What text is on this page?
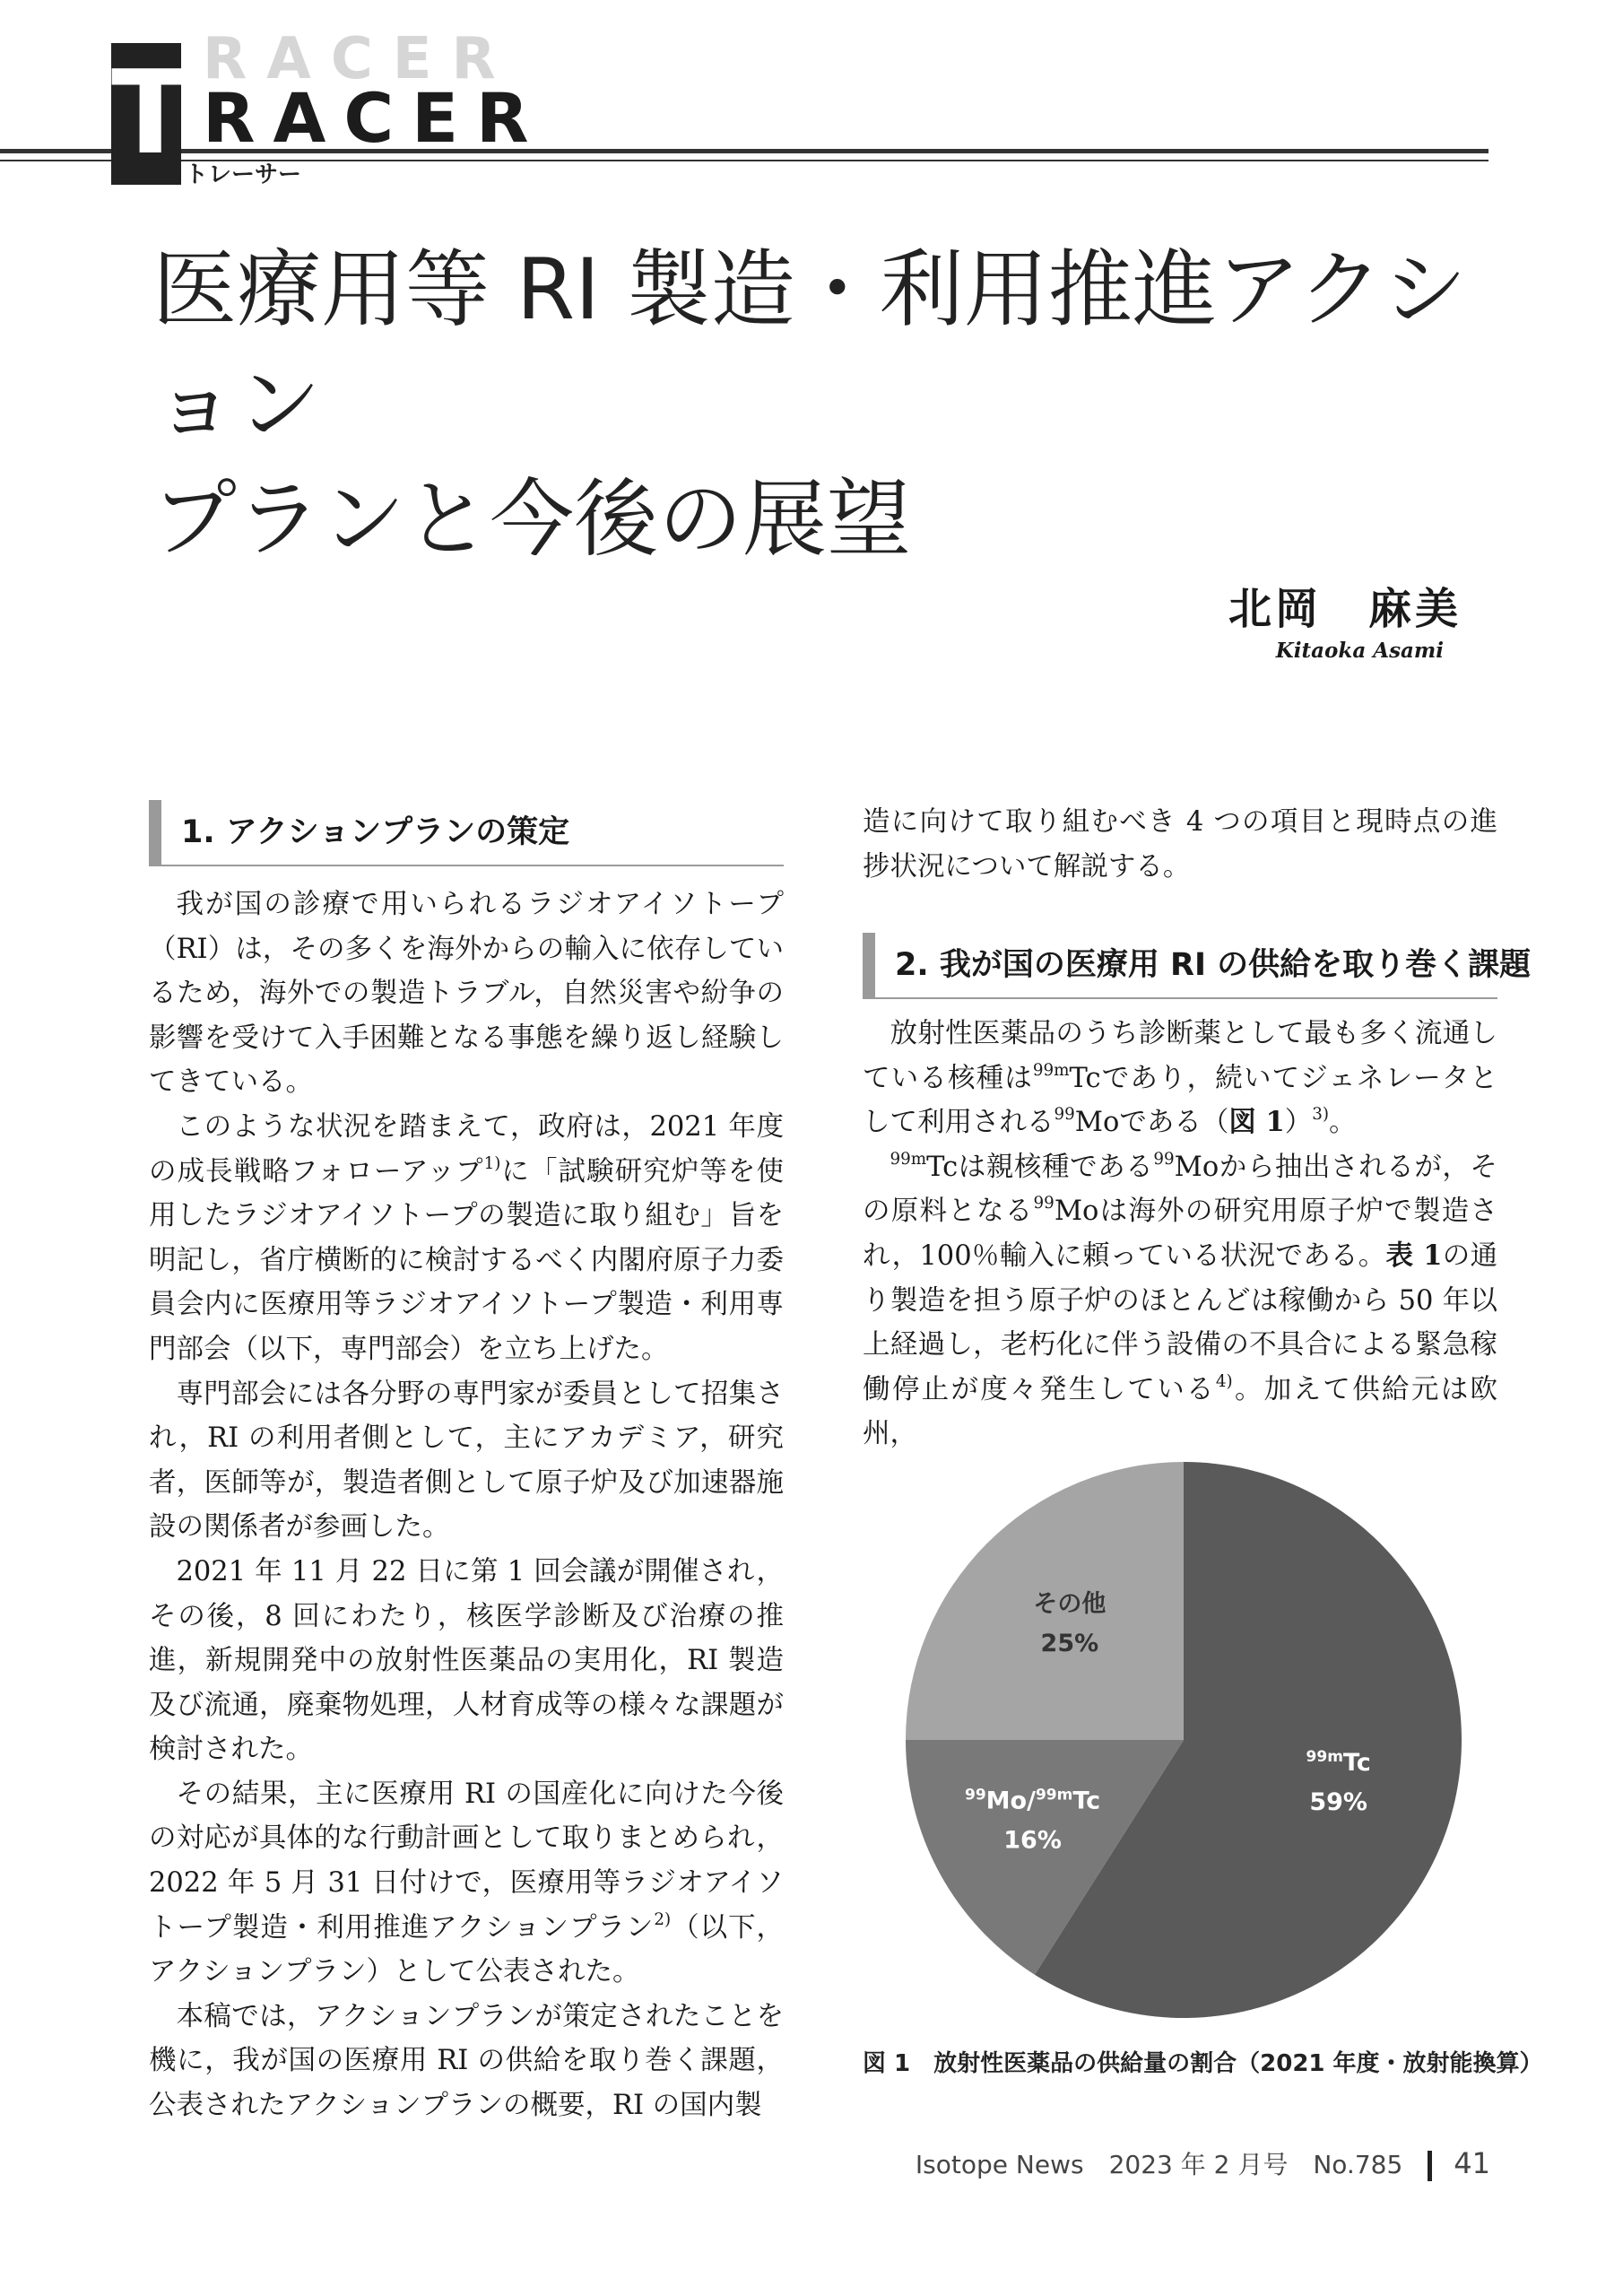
RACER
T RACER
トレーサー
医療用等 RI 製造・利用推進アクション
プランと今後の展望
北岡　麻美
Kitaoka Asami
1. アクションプランの策定

我が国の診療で用いられるラジオアイソトープ（RI）は，その多くを海外からの輸入に依存しているため，海外での製造トラブル，自然災害や紛争の影響を受けて入手困難となる事態を繰り返し経験してきている。

このような状況を踏まえて，政府は，2021 年度の成長戦略フォローアップ$^{1)}$に「試験研究炉等を使用したラジオアイソトープの製造に取り組む」旨を明記し，省庁横断的に検討するべく内閣府原子力委員会内に医療用等ラジオアイソトープ製造・利用専門部会（以下，専門部会）を立ち上げた。

専門部会には各分野の専門家が委員として招集され，RI の利用者側として，主にアカデミア，研究者，医師等が，製造者側として原子炉及び加速器施設の関係者が参画した。

2021 年 11 月 22 日に第 1 回会議が開催され，その後，8 回にわたり，核医学診断及び治療の推進，新規開発中の放射性医薬品の実用化，RI 製造及び流通，廃棄物処理，人材育成等の様々な課題が検討された。

その結果，主に医療用 RI の国産化に向けた今後の対応が具体的な行動計画として取りまとめられ，2022 年 5 月 31 日付けで，医療用等ラジオアイソトープ製造・利用推進アクションプラン$^{2)}$（以下，アクションプラン）として公表された。

本稿では，アクションプランが策定されたことを機に，我が国の医療用 RI の供給を取り巻く課題，公表されたアクションプランの概要，RI の国内製

造に向けて取り組むべき 4 つの項目と現時点の進捗状況について解説する。

2. 我が国の医療用 RI の供給を取り巻く課題

放射性医薬品のうち診断薬として最も多く流通している核種は$^{99m}$Tcであり，続いてジェネレータとして利用される$^{99}$Moである（図 1）$^{3)}$。

$^{99m}$Tcは親核種である$^{99}$Moから抽出されるが，その原料となる$^{99}$Moは海外の研究用原子炉で製造され，100％輸入に頼っている状況である。表 1の通り製造を担う原子炉のほとんどは稼働から 50 年以上経過し，老朽化に伴う設備の不具合による緊急稼働停止が度々発生している$^{4)}$。加えて供給元は欧州，

$^{99m}$Tc
59%
$^{99}$Mo/$^{99m}$Tc
16%
その他
25%
図 1　放射性医薬品の供給量の割合（2021 年度・放射能換算）
Isotope News  2023 年 2 月号  No.785 41
